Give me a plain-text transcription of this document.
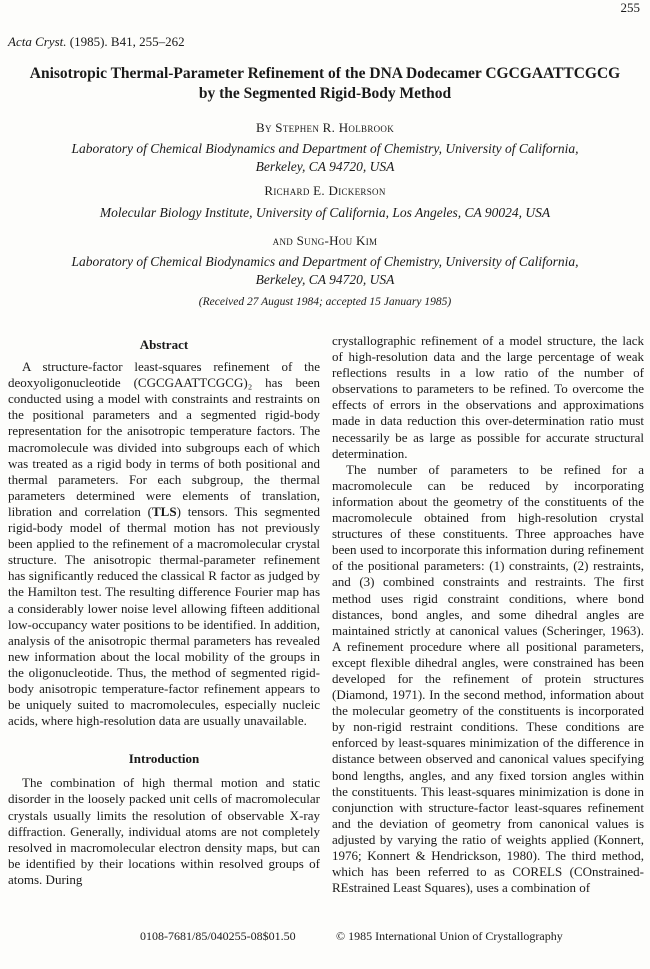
255
Acta Cryst. (1985). B41, 255–262
Anisotropic Thermal-Parameter Refinement of the DNA Dodecamer CGCGAATTCGCG
by the Segmented Rigid-Body Method
By Stephen R. Holbrook
Laboratory of Chemical Biodynamics and Department of Chemistry, University of California,
Berkeley, CA 94720, USA
Richard E. Dickerson
Molecular Biology Institute, University of California, Los Angeles, CA 90024, USA
and Sung-Hou Kim
Laboratory of Chemical Biodynamics and Department of Chemistry, University of California,
Berkeley, CA 94720, USA
(Received 27 August 1984; accepted 15 January 1985)
Abstract

A structure-factor least-squares refinement of the deoxyoligonucleotide (CGCGAATTCGCG)₂ has been conducted using a model with constraints and restraints on the positional parameters and a segmented rigid-body representation for the anisotropic temperature factors. The macromolecule was divided into subgroups each of which was treated as a rigid body in terms of both positional and thermal parameters. For each subgroup, the thermal parameters determined were elements of translation, libration and correlation (TLS) tensors. This segmented rigid-body model of thermal motion has not previously been applied to the refinement of a macromolecular crystal structure. The anisotropic thermal-parameter refinement has significantly reduced the classical R factor as judged by the Hamilton test. The resulting difference Fourier map has a considerably lower noise level allowing fifteen additional low-occupancy water positions to be identified. In addition, analysis of the anisotropic thermal parameters has revealed new information about the local mobility of the groups in the oligonucleotide. Thus, the method of segmented rigid-body anisotropic temperature-factor refinement appears to be uniquely suited to macromolecules, especially nucleic acids, where high-resolution data are usually unavailable.

Introduction

The combination of high thermal motion and static disorder in the loosely packed unit cells of macromolecular crystals usually limits the resolution of observable X-ray diffraction. Generally, individual atoms are not completely resolved in macromolecular electron density maps, but can be identified by their locations within resolved groups of atoms. During

crystallographic refinement of a model structure, the lack of high-resolution data and the large percentage of weak reflections results in a low ratio of the number of observations to parameters to be refined. To overcome the effects of errors in the observations and approximations made in data reduction this over-determination ratio must necessarily be as large as possible for accurate structural determination.

The number of parameters to be refined for a macromolecule can be reduced by incorporating information about the geometry of the constituents of the macromolecule obtained from high-resolution crystal structures of these constituents. Three approaches have been used to incorporate this information during refinement of the positional parameters: (1) constraints, (2) restraints, and (3) combined constraints and restraints. The first method uses rigid constraint conditions, where bond distances, bond angles, and some dihedral angles are maintained strictly at canonical values (Scheringer, 1963). A refinement procedure where all positional parameters, except flexible dihedral angles, were constrained has been developed for the refinement of protein structures (Diamond, 1971). In the second method, information about the molecular geometry of the constituents is incorporated by non-rigid restraint conditions. These conditions are enforced by least-squares minimization of the difference in distance between observed and canonical values specifying bond lengths, angles, and any fixed torsion angles within the constituents. This least-squares minimization is done in conjunction with structure-factor least-squares refinement and the deviation of geometry from canonical values is adjusted by varying the ratio of weights applied (Konnert, 1976; Konnert & Hendrickson, 1980). The third method, which has been referred to as CORELS (COnstrained-REstrained Least Squares), uses a combination of

0108-7681/85/040255-08$01.50	© 1985 International Union of Crystallography
